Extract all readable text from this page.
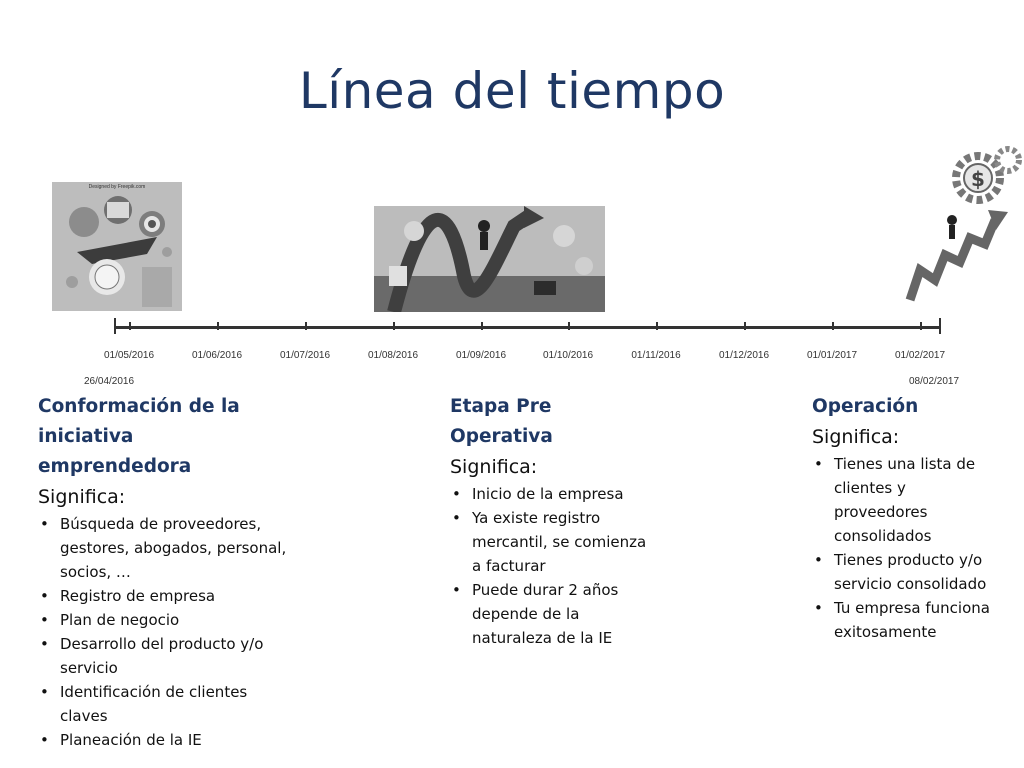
Línea del tiempo
Designed by Freepik.com	$
01/05/2016	01/06/2016	01/07/2016	01/08/2016	01/09/2016	01/10/2016	01/11/2016	01/12/2016	01/01/2017	01/02/2017
26/04/2016	08/02/2017
Conformación de la
iniciativa
emprendedora
Significa:
• Búsqueda de proveedores, gestores, abogados, personal, socios, …
• Registro de empresa
• Plan de negocio
• Desarrollo del producto y/o servicio
• Identificación de clientes claves
• Planeación de la IE
Etapa Pre
Operativa
Significa:
• Inicio de la empresa
• Ya existe registro mercantil, se comienza a facturar
• Puede durar 2 años depende de la naturaleza de la IE
Operación
Significa:
• Tienes una lista de clientes y proveedores consolidados
• Tienes producto y/o servicio consolidado
• Tu empresa funciona exitosamente
